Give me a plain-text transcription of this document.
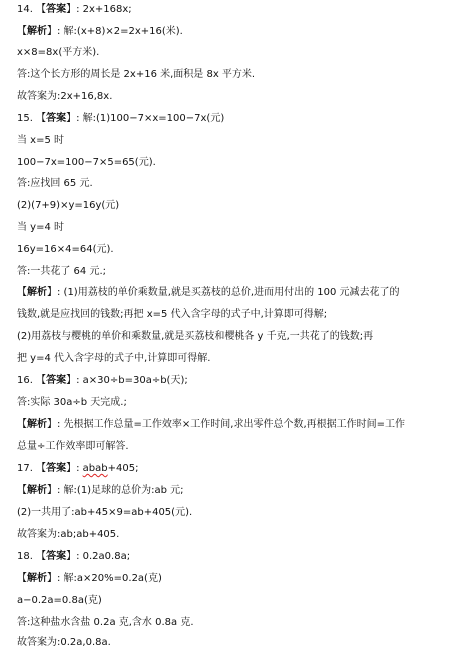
14. 【答案】: 2x+168x;
【解析】: 解:(x+8)×2=2x+16(米).
x×8=8x(平方米).
答:这个长方形的周长是 2x+16 米,面积是 8x 平方米.
故答案为:2x+16,8x.
15. 【答案】: 解:(1)100−7×x=100−7x(元)
当 x=5 时
100−7x=100−7×5=65(元).
答:应找回 65 元.
(2)(7+9)×y=16y(元)
当 y=4 时
16y=16×4=64(元).
答:一共花了 64 元.;
【解析】: (1)用荔枝的单价乘数量,就是买荔枝的总价,进而用付出的 100 元减去花了的
钱数,就是应找回的钱数;再把 x=5 代入含字母的式子中,计算即可得解;
(2)用荔枝与樱桃的单价和乘数量,就是买荔枝和樱桃各 y 千克,一共花了的钱数;再
把 y=4 代入含字母的式子中,计算即可得解.
16. 【答案】: a×30÷b=30a÷b(天);
答:实际 30a÷b 天完成.;
【解析】: 先根据工作总量=工作效率×工作时间,求出零件总个数,再根据工作时间=工作
总量÷工作效率即可解答.
17. 【答案】: abab+405;
【解析】: 解:(1)足球的总价为:ab 元;
(2)一共用了:ab+45×9=ab+405(元).
故答案为:ab;ab+405.
18. 【答案】: 0.2a0.8a;
【解析】: 解:a×20%=0.2a(克)
a−0.2a=0.8a(克)
答:这种盐水含盐 0.2a 克,含水 0.8a 克.
故答案为:0.2a,0.8a.
